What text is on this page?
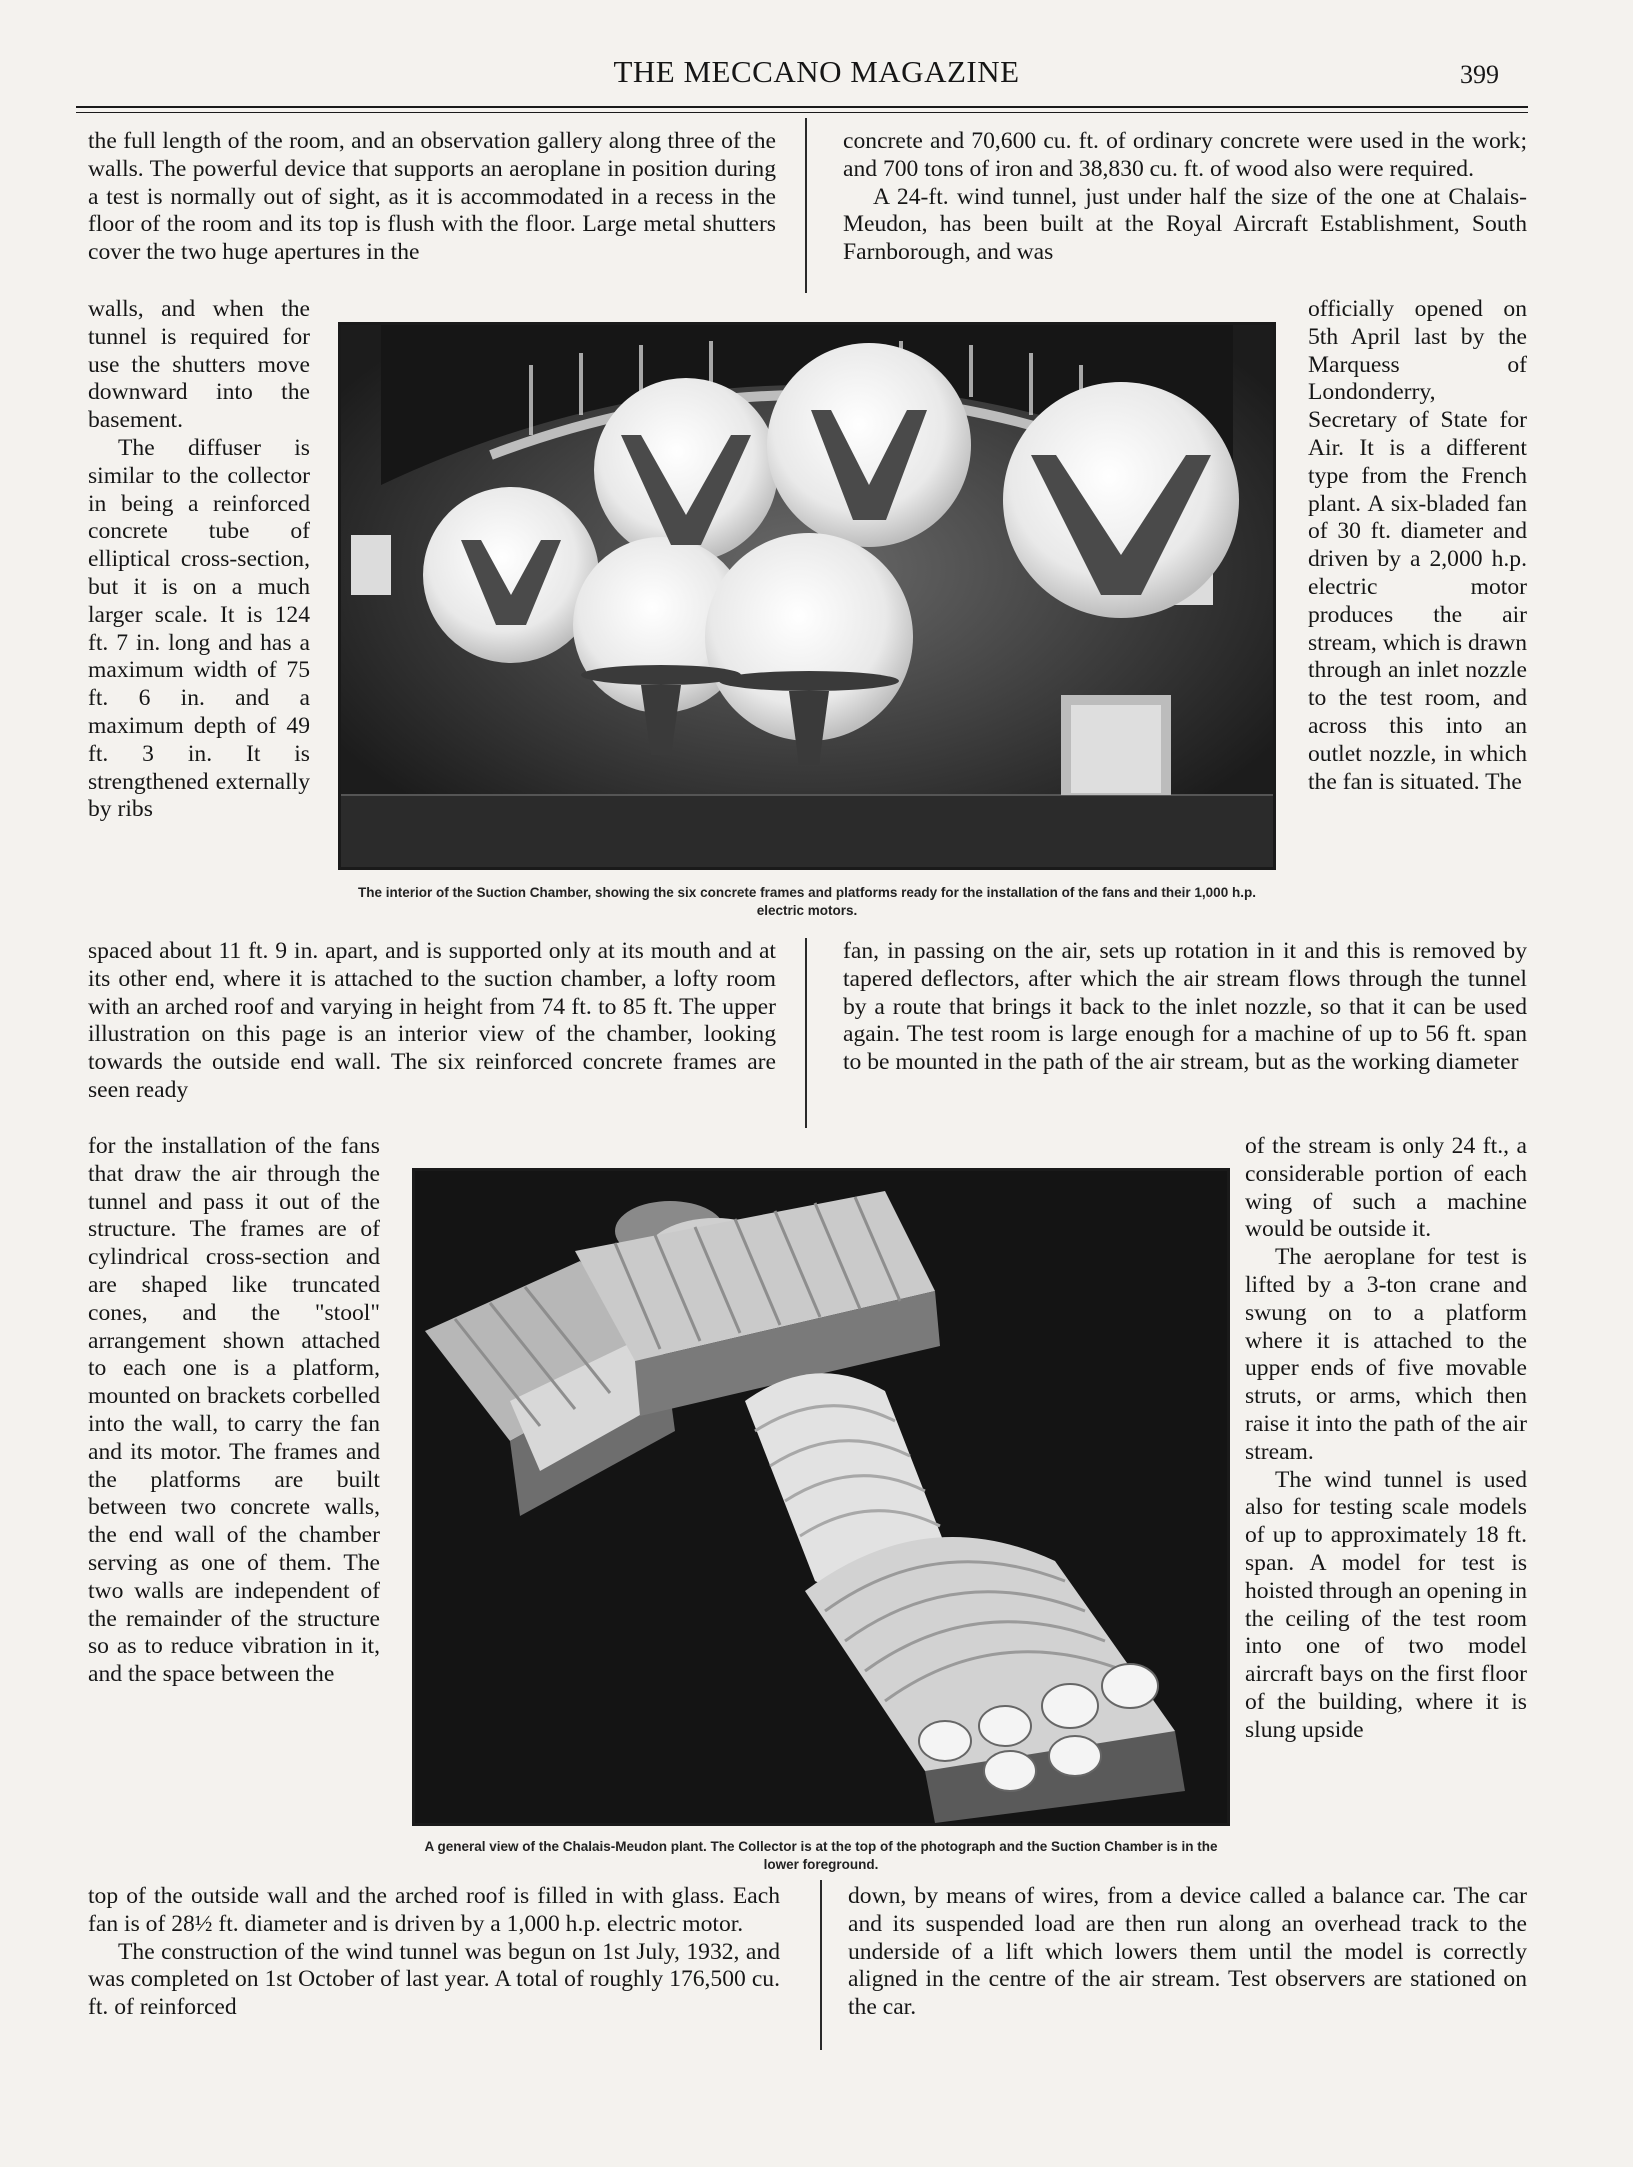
THE MECCANO MAGAZINE	399

the full length of the room, and an observation gallery along three of the walls. The powerful device that supports an aeroplane in position during a test is normally out of sight, as it is accommodated in a recess in the floor of the room and its top is flush with the floor. Large metal shutters cover the two huge apertures in the

walls, and when the tunnel is required for use the shutters move downward into the basement.

The diffuser is similar to the collector in being a reinforced concrete tube of elliptical cross-section, but it is on a much larger scale. It is 124 ft. 7 in. long and has a maximum width of 75 ft. 6 in. and a maximum depth of 49 ft. 3 in. It is strengthened externally by ribs

spaced about 11 ft. 9 in. apart, and is supported only at its mouth and at its other end, where it is attached to the suction chamber, a lofty room with an arched roof and varying in height from 74 ft. to 85 ft. The upper illustration on this page is an interior view of the chamber, looking towards the outside end wall. The six reinforced concrete frames are seen ready

for the installation of the fans that draw the air through the tunnel and pass it out of the structure. The frames are of cylindrical cross-section and are shaped like truncated cones, and the "stool" arrangement shown attached to each one is a platform, mounted on brackets corbelled into the wall, to carry the fan and its motor. The frames and the platforms are built between two concrete walls, the end wall of the chamber serving as one of them. The two walls are independent of the remainder of the structure so as to reduce vibration in it, and the space between the

top of the outside wall and the arched roof is filled in with glass. Each fan is of 28½ ft. diameter and is driven by a 1,000 h.p. electric motor.

The construction of the wind tunnel was begun on 1st July, 1932, and was completed on 1st October of last year. A total of roughly 176,500 cu. ft. of reinforced

concrete and 70,600 cu. ft. of ordinary concrete were used in the work; and 700 tons of iron and 38,830 cu. ft. of wood also were required.

A 24-ft. wind tunnel, just under half the size of the one at Chalais-Meudon, has been built at the Royal Aircraft Establishment, South Farnborough, and was

officially opened on 5th April last by the Marquess of Londonderry, Secretary of State for Air. It is a different type from the French plant. A six-bladed fan of 30 ft. diameter and driven by a 2,000 h.p. electric motor produces the air stream, which is drawn through an inlet nozzle to the test room, and across this into an outlet nozzle, in which the fan is situated. The

fan, in passing on the air, sets up rotation in it and this is removed by tapered deflectors, after which the air stream flows through the tunnel by a route that brings it back to the inlet nozzle, so that it can be used again. The test room is large enough for a machine of up to 56 ft. span to be mounted in the path of the air stream, but as the working diameter

of the stream is only 24 ft., a considerable portion of each wing of such a machine would be outside it.

The aeroplane for test is lifted by a 3-ton crane and swung on to a platform where it is attached to the upper ends of five movable struts, or arms, which then raise it into the path of the air stream.

The wind tunnel is used also for testing scale models of up to approximately 18 ft. span. A model for test is hoisted through an opening in the ceiling of the test room into one of two model aircraft bays on the first floor of the building, where it is slung upside

down, by means of wires, from a device called a balance car. The car and its suspended load are then run along an overhead track to the underside of a lift which lowers them until the model is correctly aligned in the centre of the air stream. Test observers are stationed on the car.

The interior of the Suction Chamber, showing the six concrete frames and platforms ready for the installation of the fans and their 1,000 h.p. electric motors.
A general view of the Chalais-Meudon plant. The Collector is at the top of the photograph and the Suction Chamber is in the lower foreground.
